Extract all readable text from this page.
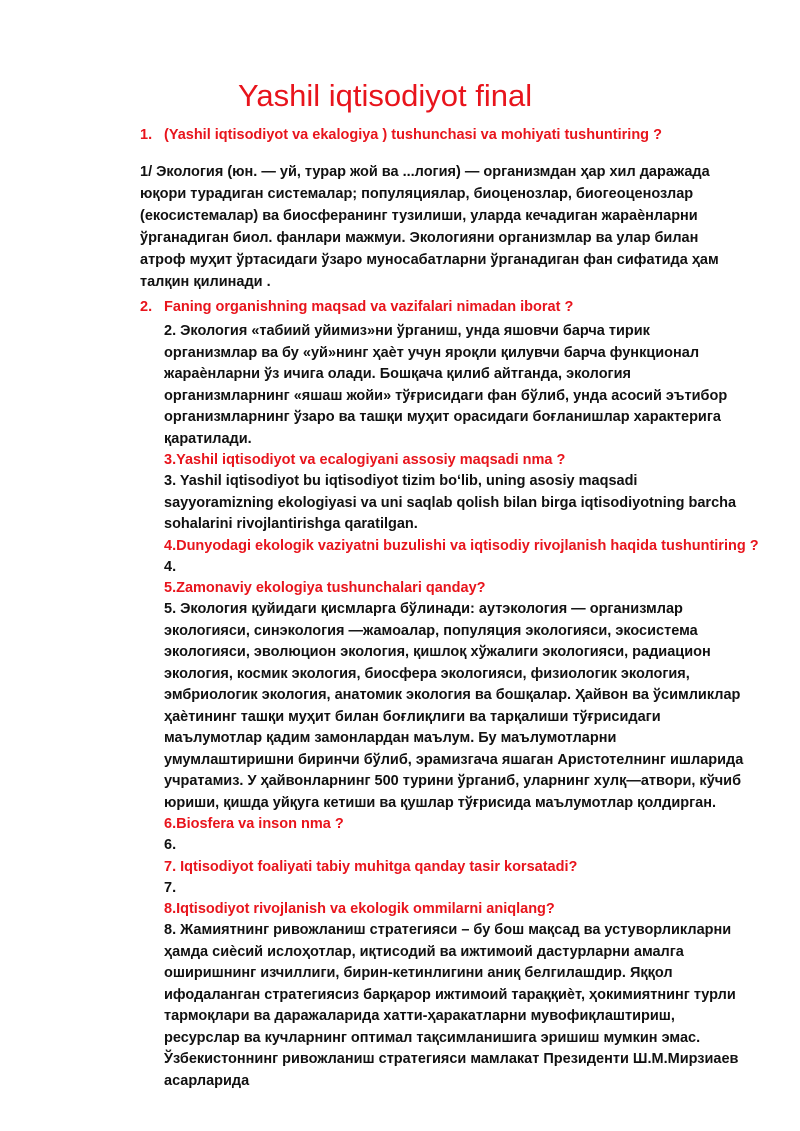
Yashil iqtisodiyot final
1. (Yashil iqtisodiyot va ekalogiya ) tushunchasi va mohiyati tushuntiring ?
1/ Экология (юн. — уй, турар жой ва ...логия) — организмдан ҳар хил даражада юқори турадиган системалар; популяциялар, биоценозлар, биогеоценозлар (екосистемалар) ва биосферанинг тузилиши, уларда кечадиган жараѐнларни ўрганадиган биол. фанлари мажмуи. Экологияни организмлар ва улар билан атроф муҳит ўртасидаги ўзаро муносабатларни ўрганадиган фан сифатида ҳам талқин қилинади .
2. Faning organishning maqsad va vazifalari nimadan iborat ?
2. Экология «табиий уйимиз»ни ўрганиш, унда яшовчи барча тирик организмлар ва бу «уй»нинг ҳаѐт учун яроқли қилувчи барча функционал жараѐнларни ўз ичига олади. Бошқача қилиб айтганда, экология организмларнинг «яшаш жойи» тўғрисидаги фан бўлиб, унда асосий эътибор организмларнинг ўзаро ва ташқи муҳит орасидаги боғланишлар характерига қаратилади.
3.Yashil iqtisodiyot va ecalogiyani assosiy maqsadi nma ?
3. Yashil iqtisodiyot bu iqtisodiyot tizim boʻlib, uning asosiy maqsadi sayyoramizning ekologiyasi va uni saqlab qolish bilan birga iqtisodiyotning barcha sohalarini rivojlantirishga qaratilgan.
4.Dunyodagi ekologik vaziyatni buzulishi va iqtisodiy rivojlanish haqida tushuntiring ?
4.
5.Zamonaviy ekologiya tushunchalari qanday?
5. Экология қуйидаги қисмларга бўлинади: аутэкология — организмлар экологияси, синэкология —жамоалар, популяция экологияси, экосистема экологияси, эволюцион экология, қишлоқ хўжалиги экологияси, радиацион экология, космик экология, биосфера экологияси, физиологик экология, эмбриологик экология, анатомик экология ва бошқалар. Ҳайвон ва ўсимликлар ҳаѐтининг ташқи муҳит билан боғлиқлиги ва тарқалиши тўғрисидаги маълумотлар қадим замонлардан маълум. Бу маълумотларни умумлаштиришни биринчи бўлиб, эрамизгача яшаган Аристотелнинг ишларида учратамиз. У ҳайвонларнинг 500 турини ўрганиб, уларнинг хулқ—атвори, кўчиб юриши, қишда уйқуга кетиши ва қушлар тўғрисида маълумотлар қолдирган.
6.Biosfera va inson nma ?
6.
7. Iqtisodiyot foaliyati tabiy muhitga qanday tasir korsatadi?
7.
8.Iqtisodiyot rivojlanish va ekologik ommilarni aniqlang?
8. Жамиятнинг ривожланиш стратегияси – бу бош мақсад ва устуворликларни ҳамда сиѐсий ислоҳотлар, иқтисодий ва ижтимоий дастурларни амалга оширишнинг изчиллиги, бирин-кетинлигини аниқ белгилашдир. Яққол ифодаланган стратегиясиз барқарор ижтимоий тараққиѐт, ҳокимиятнинг турли тармоқлари ва даражаларида хатти-ҳаракатларни мувофиқлаштириш, ресурслар ва кучларнинг оптимал тақсимланишига эришиш мумкин эмас. Ўзбекистоннинг ривожланиш стратегияси мамлакат Президенти Ш.М.Мирзиаев асарларида
